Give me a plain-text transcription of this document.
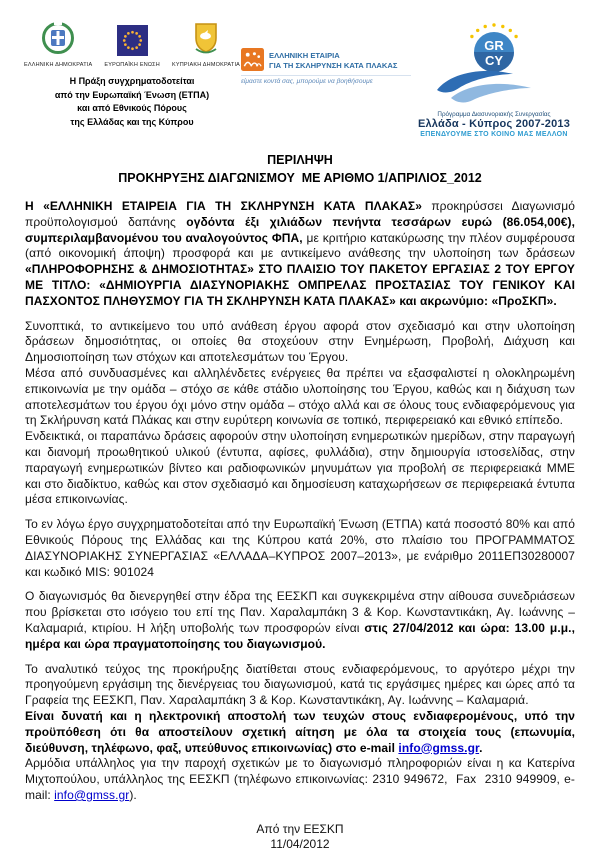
ΕΛΛΗΝΙΚΗ ΔΗΜΟΚΡΑΤΙΑ ΕΥΡΩΠΑΪΚΗ ΕΝΩΣΗ ΚΥΠΡΙΑΚΗ ΔΗΜΟΚΡΑΤΙΑ
Η Πράξη συγχρηματοδοτείται
από την Ευρωπαϊκή Ένωση (ΕΤΠΑ)
και από Εθνικούς Πόρους
της Ελλάδας και της Κύπρου
ΕΛΛΗΝΙΚΗ ΕΤΑΙΡΙΑ
ΓΙΑ ΤΗ ΣΚΛΗΡΥΝΣΗ ΚΑΤΑ ΠΛΑΚΑΣ
είμαστε κοντά σας, μπορούμε να βοηθήσουμε
GR
CY
Πρόγραμμα Διασυνοριακής Συνεργασίας
Ελλάδα - Κύπρος 2007-2013
ΕΠΕΝΔΥΟΥΜΕ ΣΤΟ ΚΟΙΝΟ ΜΑΣ ΜΕΛΛΟΝ
ΠΕΡΙΛΗΨΗ
ΠΡΟΚΗΡΥΞΗΣ ΔΙΑΓΩΝΙΣΜΟΥ  ΜΕ ΑΡΙΘΜΟ 1/ΑΠΡΙΛΙΟΣ_2012

Η «ΕΛΛΗΝΙΚΗ ΕΤΑΙΡΕΙΑ ΓΙΑ ΤΗ ΣΚΛΗΡΥΝΣΗ ΚΑΤΑ ΠΛΑΚΑΣ» προκηρύσσει Διαγωνισμό προϋπολογισμού δαπάνης ογδόντα έξι χιλιάδων πενήντα τεσσάρων ευρώ (86.054,00€), συμπεριλαμβανομένου του αναλογούντος ΦΠΑ, με κριτήριο κατακύρωσης την πλέον συμφέρουσα (από οικονομική άποψη) προσφορά και με αντικείμενο ανάθεσης την υλοποίηση των δράσεων «ΠΛΗΡΟΦΟΡΗΣΗΣ & ΔΗΜΟΣΙΟΤΗΤΑΣ» ΣΤΟ ΠΛΑΙΣΙΟ ΤΟΥ ΠΑΚΕΤΟΥ ΕΡΓΑΣΙΑΣ 2 ΤΟΥ ΕΡΓΟΥ ΜΕ ΤΙΤΛΟ: «ΔΗΜΙΟΥΡΓΙΑ ΔΙΑΣΥΝΟΡΙΑΚΗΣ ΟΜΠΡΕΛΑΣ ΠΡΟΣΤΑΣΙΑΣ ΤΟΥ ΓΕΝΙΚΟΥ ΚΑΙ ΠΑΣΧΟΝΤΟΣ ΠΛΗΘΥΣΜΟΥ ΓΙΑ ΤΗ ΣΚΛΗΡΥΝΣΗ ΚΑΤΑ ΠΛΑΚΑΣ» και ακρωνύμιο: «ΠροΣΚΠ».

Συνοπτικά, το αντικείμενο του υπό ανάθεση έργου αφορά στον σχεδιασμό και στην υλοποίηση δράσεων δημοσιότητας, οι οποίες θα στοχεύουν στην Ενημέρωση, Προβολή, Διάχυση και Δημοσιοποίηση των στόχων και αποτελεσμάτων του Έργου.

Μέσα από συνδυασμένες και αλληλένδετες ενέργειες θα πρέπει να εξασφαλιστεί η ολοκληρωμένη επικοινωνία με την ομάδα – στόχο σε κάθε στάδιο υλοποίησης του Έργου, καθώς και η διάχυση των αποτελεσμάτων του έργου όχι μόνο στην ομάδα – στόχο αλλά και σε όλους τους ενδιαφερόμενους για τη Σκλήρυνση κατά Πλάκας και στην ευρύτερη κοινωνία σε τοπικό, περιφερειακό και εθνικό επίπεδο.

Ενδεικτικά, οι παραπάνω δράσεις αφορούν στην υλοποίηση ενημερωτικών ημερίδων, στην παραγωγή και διανομή προωθητικού υλικού (έντυπα, αφίσες, φυλλάδια), στην δημιουργία ιστοσελίδας, στην παραγωγή ενημερωτικών βίντεο και ραδιοφωνικών μηνυμάτων για προβολή σε περιφερειακά ΜΜΕ και στο διαδίκτυο, καθώς και στον σχεδιασμό και δημοσίευση καταχωρήσεων σε περιφερειακά έντυπα μέσα επικοινωνίας.

Το εν λόγω έργο συγχρηματοδοτείται από την Ευρωπαϊκή Ένωση (ΕΤΠΑ) κατά ποσοστό 80% και από Εθνικούς Πόρους της Ελλάδας και της Κύπρου κατά 20%, στο πλαίσιο του ΠΡΟΓΡΑΜΜΑΤΟΣ ΔΙΑΣΥΝΟΡΙΑΚΗΣ ΣΥΝΕΡΓΑΣΙΑΣ «ΕΛΛΑΔΑ–ΚΥΠΡΟΣ 2007–2013», με ενάριθμο 2011ΕΠ30280007 και κωδικό MIS: 901024

Ο διαγωνισμός θα διενεργηθεί στην έδρα της ΕΕΣΚΠ και συγκεκριμένα στην αίθουσα συνεδριάσεων που βρίσκεται στο ισόγειο του επί της Παν. Χαραλαμπάκη 3 & Κορ. Κωνσταντικάκη, Αγ. Ιωάννης – Καλαμαριά, κτιρίου. Η λήξη υποβολής των προσφορών είναι στις 27/04/2012 και ώρα: 13.00 μ.μ., ημέρα και ώρα πραγματοποίησης του διαγωνισμού.

Το αναλυτικό τεύχος της προκήρυξης διατίθεται στους ενδιαφερόμενους, το αργότερο μέχρι την προηγούμενη εργάσιμη της διενέργειας του διαγωνισμού, κατά τις εργάσιμες ημέρες και ώρες από τα Γραφεία της ΕΕΣΚΠ, Παν. Χαραλαμπάκη 3 & Κορ. Κωνσταντικάκη, Αγ. Ιωάννης – Καλαμαριά.

Είναι δυνατή και η ηλεκτρονική αποστολή των τευχών στους ενδιαφερομένους, υπό την προϋπόθεση ότι θα αποστείλουν σχετική αίτηση με όλα τα στοιχεία τους (επωνυμία, διεύθυνση, τηλέφωνο, φαξ, υπεύθυνος επικοινωνίας) στο e-mail info@gmss.gr.

Αρμόδια υπάλληλος για την παροχή σχετικών με το διαγωνισμό πληροφοριών είναι η κα Κατερίνα Μιχτοπούλου, υπάλληλος της ΕΕΣΚΠ (τηλέφωνο επικοινωνίας: 2310 949672,  Fax  2310 949909, e-mail: info@gmss.gr).

Από την ΕΕΣΚΠ
11/04/2012
